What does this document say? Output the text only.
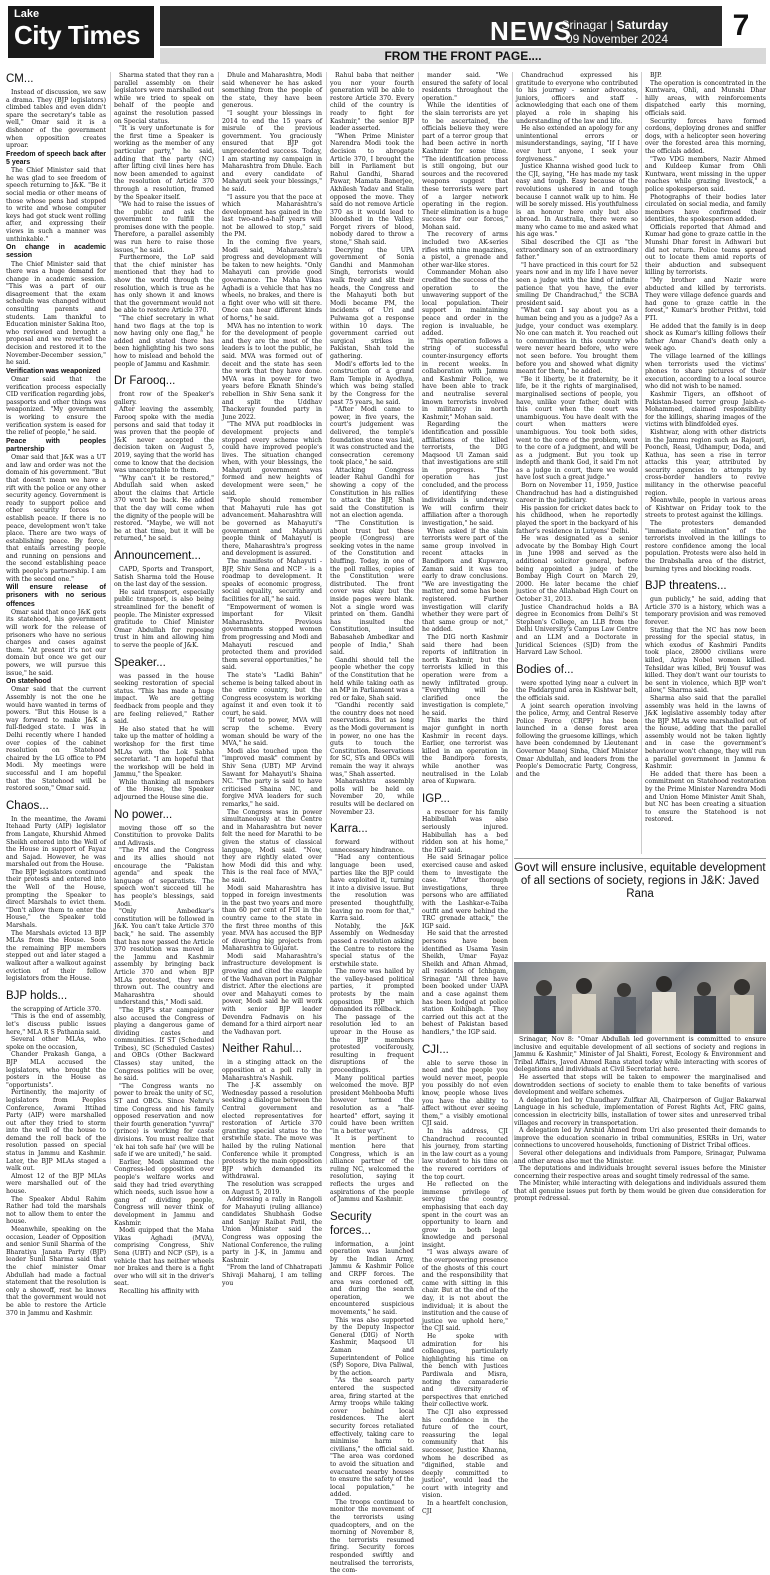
Lake
City Times	NEWS
Srinagar | Saturday
09 November 2024	7
FROM THE FRONT PAGE....
CM...

Instead of discussion, we saw a drama. They (BJP legislators) climbed tables and even didn't spare the secretary's table as well," Omar said it is a dishonor of the government when opposition creates uproar.

Freedom of speech back after 5 years

The Chief Minister said that he was glad to see freedom of speech returning to J&K. "Be it social media or other means of those whose pens had stopped to write and whose computer keys had got stuck went rolling after, and expressing their views in such a manner was unthinkable."

On change in academic session

The Chief Minister said that there was a huge demand for change in academic session. "This was a part of our disagreement that the exam schedule was changed without consulting parents and students. Lam thankful to Education minister Sakina Itoo, who reviewed and brought a proposal and we reverted the decision and restored it to the November-December session," he said.

Verification was weaponized

Omar said that the verification process especially CID verification regarding jobs, passports and other things was weaponized. "My government is working to ensure the verification system is eased for the relief of people," he said.

Peace with peoples partnership

Omar said that J&K was a UT and law and order was not the domain of his government. "But that doesn't mean we have a rift with the police or any other security agency. Government is ready to support police and other security forces to establish peace. If there is no peace, development won't take place. There are two ways of establishing peace. By force, that entails arresting people and running on pensions and the second establishing peace with people's partnership. I am with the second one."

Will ensure release of prisoners with no serious offences

Omar said that once J&K gets its statehood, his government will work for the release of prisoners who have no serious charges and cases against them. "At present it's not our domain but once we get our powers, we will pursue this issue," he said.

On statehood

Omar said that the current Assembly is not the one he would have wanted in terms of powers. "But this House is a way forward to make J&K a full-fledged state. I was in Delhi recently where I handed over copies of the cabinet resolution on Statehood chaired by the LG office to PM Modi. My meetings were successful and I am hopeful that the Statehood will be restored soon," Omar said.

Chaos...

In the meantime, the Awami Itehaad Party (AIP) legislator from Langate, Khurshid Ahmed Sheikh entered into the Well of the House in support of Fayaz and Sajad. However, he was marshaled out from the House.

The BJP legislators continued their protests and entered into the Well of the House, prompting the Speaker to direct Marshals to evict them. "Don't allow them to enter the House," the Speaker told Marshals.

The Marshals evicted 13 BJP MLAs from the House. Soon the remaining BJP members stepped out and later staged a walkout after a walkout against eviction of their fellow legislators from the House.

BJP holds...

the scrapping of Article 370.

"This is the end of assembly, let's discuss public issues here," MLA R S Pathania said.

Several other MLAs, who spoke on the occasion,

Chander Prakash Ganga, a BJP MLA accused the legislators, who brought the posters in the House as "opportunists".

Pertinently, the majority of legislators from Peoples Conference, Awami Ittihad Party (AIP) were marshalled out after they tried to storm into the well of the house to demand the roll back of the resolution passed on special status in Jammu and Kashmir. Later, the BJP MLAs staged a walk out.

Almost 12 of the BJP MLAs were marshalled out of the house.

The Speaker Abdul Rahim Rather had told the marshals not to allow them to enter the house.

Meanwhile, speaking on the occasion, Leader of Opposition and senior Sunil Sharma of the Bharatiya Janata Party (BJP) leader Sunil Sharma said that the chief minister Omar Abdullah had made a factual statement that the resolution is only a showoff, rest he knows that the government would not be able to restore the Article 370 in Jammu and Kashmir.

Sharma stated that they ran a parallel assembly on their legislators were marshalled out while we tried to speak on behalf of the people and against the resolution passed on Special status.

"It is very unfortunate is for the first time a Speaker is working as the member of any particular party," he said, adding that the party (NC) after lifting civil lines here has now been amended to against the resolution of Article 370 through a resolution, framed by the Speaker itself.

"We had to raise the issues of the public and ask the government to fulfill the promises done with the people. Therefore, a parallel assembly was run here to raise those issues," he said.

Furthermore, the LoP said that the chief minister has mentioned that they had to show the world through the resolution, which is true as he has only shown it and knows that the government would not be able to restore Article 370.

"The chief secretary in what hand two flags at the top is now having only one flag," he added and stated there has been highlighting his two sons how to mislead and behold the people of Jammu and Kashmir.

Dr Farooq...

front row of the Speaker's gallery.

After leaving the assembly, Farooq spoke with the media persons and said that today it was proven that the people of J&K never accepted the decision taken on August 5, 2019, saying that the world has come to know that the decision was unacceptable to them.

"Why can't it be restored," Abdullah said when asked about the claims that Article 370 won't be back. He added that the day will come when the dignity of the people will be restored. "Maybe, we will not be at that time, but it will be returned," he said.

Announcement...

CAPD, Sports and Transport, Satish Sharma told the House on the last day of the session.

He said transport, especially public transport, is also being streamlined for the benefit of people. The Minister expressed gratitude to Chief Minister Omar Abdullah for reposing trust in him and allowing him to serve the people of J&K.

Speaker...

was passed in the house seeking restoration of special status. "This has made a huge impact. We are getting feedback from people and they are feeling relieved," Rather said.

He also stated that he will take up the matter of holding a workshop for the first time MLAs with the Lok Sabha secretariat. "I am hopeful that the workshop will be held in Jammu," the Speaker.

While thanking all members of the House, the Speaker adjourned the House sine die.

No power...

moving those off so the Constitution to provoke Dalits and Adivasis.

"The PM and the Congress and its allies should not encourage the "Pakistan agenda" and speak the language of separatists. The speech won't succeed till he has people's blessings, said Modi.

"Only Ambedkar's constitution will be followed in J&K. You can't take Article 370 back," he said. The assembly that has now passed the Article 370 resolution was moved in the Jammu and Kashmir assembly by bringing back Article 370 and when BJP MLAs protested, they were thrown out. The country and Maharashtra should understand this," Modi said.

"The BJP's star campaigner also accused the Congress of playing a dangerous game of dividing castes and communities. If ST (Scheduled Tribes), SC (Scheduled Castes) and OBCs (Other Backward Classes) stay united, the Congress politics will be over, he said.

"The Congress wants no power to break the unity of SC, ST and OBCs. Since Nehru's time Congress and his family opposed reservation and now their fourth generation "yuvraj" (prince) is working for caste divisions. You must realize that 'ek hai toh safe hai' (we will be safe if we are united)," he said.

Earlier, Modi slammed the Congress-led opposition over people's welfare works and said they had tried everything which needs, such issue how a gang of dividing people, Congress will never think of development in Jammu and Kashmir.

Modi quipped that the Maha Vikas Aghadi (MVA), comprising Congress, Shiv Sena (UBT) and NCP (SP), is a vehicle that has neither wheels nor brakes and there is a fight over who will sit in the driver's seat.

Recalling his affinity with

Dhule and Maharashtra, Modi said whenever he has asked something from the people of the state, they have been generous.

"I sought your blessings in 2014 to end the 15 years of misrule of the previous government. You graciously ensured that BJP got unprecedented success. Today, I am starting my campaign in Maharashtra from Dhule. Each and every candidate of Mahayuti seek your blessings," he said.

"I assure you that the pace at which Maharashtra's development has gained in the last two-and-a-half years will not be allowed to stop," said the PM.

In the coming five years, Modi said, Maharashtra's progress and development will be taken to new heights. "Only Mahayuti can provide good governance. The Maha Vikas Aghadi is a vehicle that has no wheels, no brakes, and there is a fight over who will sit there. Once can hear different kinds of horns," he said.

MVA has no intention to work for the development of people and they are the most of the leaders is to loot the public, he said. MVA was formed out of deceit and the state has seen the work that they have done. MVA was in power for two years before Eknath Shinde's rebellion in Shiv Sena sank it and split the Uddhav Thackeray founded party in June 2022.

"The MVA put roadblocks in development projects and stopped every scheme which could have improved people's lives. The situation changed when, with your blessings, the Mahayuti government was formed and new heights of development were seen," he said.

"People should remember that Mahayuti rule has got advancement. Maharashtra will be governed as Mahayuti's government and Mahayuti people think of Mahayuti is there, Maharashtra's progress and development is assured.

The manifesto of Mahayuti - BJP, Shiv Sena and NCP - is a roadmap to development. It speaks of economic progress, social equality, security and facilities for all," he said.

"Empowerment of women is important for Viksit Maharashtra. Previous governments stopped women from progressing and Modi and Mahayuti rescued and protected them and provided them several opportunities," he said.

The state's "Ladki Bahin" scheme is being talked about in the entire country, but the Congress ecosystem is working against it and even took it to court, he said.

"If voted to power, MVA will scrap the scheme. Every woman should be wary of the MVA," he said.

Modi also touched upon the "improved mask" comment by Shiv Sena (UBT) MP Arvind Sawant for Mahayuti's Shaina NC. "The party is said to have criticised Shaina NC, and forgive MVA leaders for such remarks," he said.

The Congress was in power simultaneously at the Centre and in Maharashtra but never felt the need for Marathi to be given the status of classical language, Modi said. "Now, they are rightly elated over how Modi did this and why. This is the real face of MVA," he said.

Modi said Maharashtra has topped in foreign investments in the past two years and more than 60 per cent of FDI in the country came to the state in the first three months of this year. MVA has accused the BJP of diverting big projects from Maharashtra to Gujarat.

Modi said Maharashtra's infrastructure development is growing and cited the example of the Vadhavan port in Palghar district. After the elections are over and Mahayuti comes to power, Modi said he will work with senior BJP leader Devendra Fadnavis on his demand for a third airport near the Vadhavan port.

Neither Rahul...

in a stinging attack on the opposition at a poll rally in Maharashtra's Nashik.

The J-K assembly on Wednesday passed a resolution seeking a dialogue between the Central government and elected representatives for restoration of Article 370 granting special status to the erstwhile state. The move was hailed by the ruling National Conference while it prompted protests by the main opposition BJP which demanded its withdrawal.

The resolution was scrapped on August 5, 2019.

Addressing a rally in Rangoli for Mahayuti (ruling alliance) candidates Shubhash Godse and Sanjay Raibat Patil, the Union Minister said the Congress was opposing the National Conference, the ruling party in J-K, in Jammu and Kashmir.

"From the land of Chhatrapati Shivaji Maharaj, I am telling you

Rahul baba that neither you nor your fourth generation will be able to restore Article 370. Every child of the country is ready to fight for Kashmir," the senior BJP leader asserted.

"When Prime Minister Narendra Modi took the decision to abrogate Article 370, I brought the bill in Parliament but Rahul Gandhi, Sharad Pawar, Mamata Banerjee, Akhilesh Yadav and Stalin opposed the move. They said do not remove Article 370 as it would lead to bloodshed in the Valley. Forget rivers of blood, nobody dared to throw a stone," Shah said.

Decrying the UPA government of Sonia Gandhi and Manmohan Singh, terrorists would walk freely and slit their heads, the Congress and the Mahayuti both but Modi became PM, the incidents of Uri and Pulwama got a response within 10 days. The government carried out surgical strikes in Pakistan, Shah told the gathering.

Modi's efforts led to the construction of a grand Ram Temple in Ayodhya, which was being stalled by the Congress for the past 75 years, he said.

"After Modi came to power, in five years, the court's judgement was delivered, the temple's foundation stone was laid, it was constructed and the consecration ceremony took place," he said.

Attacking Congress leader Rahul Gandhi for showing a copy of the Constitution in his rallies to attack the BJP, Shah said the Constitution is not an election agenda.

"The Constitution is about trust but these people (Congress) are seeking votes in the name of the Constitution and bluffing. Today, in one of the poll rallies, copies of the Constitution were distributed. The front cover was okay but the inside pages were blank. Not a single word was printed on them. Gandhi has insulted the Constitution, insulted Babasaheb Ambedkar and people of India," Shah said.

Gandhi should tell the people whether the copy of the Constitution that he held while taking oath as an MP in Parliament was a red or fake, Shah said.

"Gandhi recently said the country does not need reservations. But as long as the Modi government is in power, no one has the guts to touch the Constitution. Reservations for SC, STs and OBCs will remain the way it always was," Shah asserted.

Maharashtra assembly polls will be held on November 20, while results will be declared on November 23.

Karra...

forward without unnecessary hindrance.

"Had any contentious language been used, parties like the BJP could have exploited it, turning it into a divisive issue. But the resolution was presented thoughtfully, leaving no room for that," Karra said.

Notably, the J&K Assembly on Wednesday passed a resolution asking the Centre to restore the special status of the erstwhile state.

The move was hailed by the valley-based political parties, it prompted protests by the main opposition BJP which demanded its rollback.

The passage of the resolution led to an uproar in the House as the BJP members protested vociferously, resulting in frequent disruptions of the proceedings.

Many political parties welcomed the move. BJP president Mehbooba Mufti however termed the resolution as a "half-hearted" effort, saying it could have been written "in a better way".

It is pertinent to mention here that Congress, which is an alliance partner of the ruling NC, welcomed the resolution, saying it reflects the urges and aspirations of the people of Jammu and Kashmir.

Security forces...

information, a joint operation was launched by the Indian Army, Jammu & Kashmir Police and CRPF forces. The area was cordoned off, and during the search operation, we encountered suspicious movements," he said.

This was also supported by the Deputy Inspector General (DIG) of North Kashmir, Maqsood Ul Zaman and Superintendent of Police (SP) Sopore, Diva Paliwal, by the action.

"As the search party entered the suspected area, firing started at the Army troops while taking cover behind local residences. The alert security forces retaliated effectively, taking care to minimise harm to civilians," the official said. "The area was cordoned to avoid the situation and evacuated nearby houses to ensure the safety of the local population," he added.

The troops continued to monitor the movement of the terrorists using quadcopters, and on the morning of November 8, the terrorists resumed firing. Security forces responded swiftly and neutralised the terrorists, the com-

mander said. "We ensured the safety of local residents throughout the operation."

While the identities of the slain terrorists are yet to be ascertained, the officials believe they were part of a terror group that had been active in north Kashmir for some time. "The identification process is still ongoing, but our sources and the recovered weapons suggest that these terrorists were part of a larger network operating in the region. Their elimination is a huge success for our forces," Mohan said.

The recovery of arms included two AK-series rifles with nine magazines, a pistol, a grenade and other war-like stores.

Commander Mohan also credited the success of the operation to the unwavering support of the local population. Their support in maintaining peace and order in the region is invaluable, he added.

"This operation follows a string of successful counter-insurgency efforts in recent weeks. In collaboration with Jammu and Kashmir Police, we have been able to track and neutralise several known terrorists involved in militancy in north Kashmir," Mohan said.

Regarding the identification and possible affiliations of the killed terrorists, the DIG Maqsood Ul Zaman said that investigations are still in progress. "The operation has just concluded, and the process of identifying these individuals is underway. We will confirm their affiliation after a thorough investigation," he said.

When asked if the slain terrorists were part of the same group involved in recent attacks in Bandipora and Kupwara, Zaman said it was too early to draw conclusions. "We are investigating the matter, and some has been registered. Further investigation will clarify whether they were part of that same group or not," he added.

The DIG north Kashmir said there had been reports of infiltration in north Kashmir, but the terrorists killed in this operation were from a newly infiltrated group. "Everything will be clarified once the investigation is complete," he said.

This marks the third major gunfight in north Kashmir in recent days. Earlier, one terrorist was killed in an operation in the Bandipora forests, while another was neutralised in the Lolab area of Kupwara.

IGP...

a rescuer for his family Habibullah was also seriously injured. Habibullah has a bed ridden son at his home," the IGP said.

He said Srinagar police exercised cause and asked them to investigate the case. "After thorough investigations, three persons who are affiliated with the Lashkar-e-Taiba outfit and were behind the TRC grenade attack," the IGP said.

He said that the arrested persons have been identified as Usama Yasin Sheikh, Umar Fayaz Sheikh and Afnan Ahmad, all residents of Ichhgam, Srinagar. "All three have been booked under UAPA and a case against them has been lodged at police station Koihibagh. They carried out this act at the behest of Pakistan based handlers," the IGP said.

CJI...

able to serve those in need and the people you would never meet, people you possibly do not even know, people whose lives you have the ability to affect without ever seeing them," a visibly emotional CJI said.

In his address, CJI Chandrachud recounted his journey, from starting in the law court as a young law student to his time on the revered corridors of the top court.

He reflected on the immense privilege of serving the country, emphasising that each day spent in the court was an opportunity to learn and grow in both legal knowledge and personal insight.

"I was always aware of the overpowering presence of the ghosts of this court and the responsibility that came with sitting in this chair. But at the end of the day, it is not about the individual; it is about the institution and the cause of justice we uphold here," the CJI said.

He spoke with admiration for his colleagues, particularly highlighting his time on the bench with Justices Pardiwala and Misra, noting the camaraderie and diversity of perspectives that enriched their collective work.

The CJI also expressed his confidence in the future of the court, reassuring the legal community that his successor, Justice Khanna, whom he described as "dignified, stable and deeply committed to justice", would lead the court with integrity and vision.

In a heartfelt conclusion, CJI

Chandrachud expressed his gratitude to everyone who contributed to his journey - senior advocates, juniors, officers and staff - acknowledging that each one of them played a role in shaping his understanding of the law and life.

He also extended an apology for any unintentional errors or misunderstandings, saying, "If I have ever hurt anyone, I seek your forgiveness."

Justice Khanna wished good luck to the CJI, saying, "He has made my task easy and tough. Easy because of the revolutions ushered in and tough because I cannot walk up to him. He will be sorely missed. His youthfulness is an honour here only but also abroad. In Australia, there were so many who came to me and asked what his age was."

Sibal described the CJI as "the extraordinary son of an extraordinary father."

"I have practiced in this court for 52 years now and in my life I have never seen a judge with the kind of infinite patience that you have, the ever smiling Dr Chandrachud," the SCBA president said.

"What can I say about you as a human being and you as a judge? As a judge, your conduct was exemplary. No one can match it. You reached out to communities in this country who were never heard before, who were not seen before. You brought them before you and showed what dignity meant for them," he added.

"Be it liberty, be it fraternity, be it life, be it the rights of marginalised, marginalised sections of people, you have, unlike your father, dealt with this court when the court was unambiguous. You have dealt with the court when matters were unambiguous. You took both sides, went to the core of the problem, went to the core of a judgment, and will be as a judgment. But you took up indepth and thank God, it said I'm not as a judge in court, there we would have lost such a great judge."

Born on November 11, 1959, Justice Chandrachud has had a distinguished career in the judiciary.

His passion for cricket dates back to his childhood, when he reportedly played the sport in the backyard of his father's residence in Lutyens' Delhi.

He was designated as a senior advocate by the Bombay High Court in June 1998 and served as the additional solicitor general, before being appointed a judge of the Bombay High Court on March 29, 2000. He later became the chief justice of the Allahabad High Court on October 31, 2013.

Justice Chandrachud holds a BA degree in Economics from Delhi's St Stephen's College, an LLB from the Delhi University's Campus Law Centre and an LLM and a Doctorate in Juridical Sciences (SJD) from the Harvard Law School.

Bodies of...

were spotted lying near a culvert in the Paddargund area in Kishtwar belt, the officials said.

A joint search operation involving the police, Army, and Central Reserve Police Force (CRPF) has been launched in a dense forest area following the gruesome killings, which have been condemned by Lieutenant Governor Manoj Sinha, Chief Minister Omar Abdullah, and leaders from the People's Democratic Party, Congress, and the

BJP.

The operation is concentrated in the Kuntwara, Ohli, and Munshi Dhar hilly areas, with reinforcements dispatched early this morning, officials said.

Security forces have formed cordons, deploying drones and sniffer dogs, with a helicopter seen hovering over the forested area this morning, the officials added.

"Two VDG members, Nazir Ahmed and Kuldeep Kumar from Ohli Kuntwara, went missing in the upper reaches while grazing livestock," a police spokesperson said.

Photographs of their bodies later circulated on social media, and family members have confirmed their identities, the spokesperson added.

Officials reported that Ahmad and Kumar had gone to graze cattle in the Munshi Dhar forest in Adhwari but did not return. Police teams spread out to locate them amid reports of their abduction and subsequent killing by terrorists.

"My brother and Nazir were abducted and killed by terrorists. They were village defence guards and had gone to graze cattle in the forest," Kumar's brother Prithvi, told PTI.

He added that the family is in deep shock as Kumar's killing follows their father Amar Chand's death only a week ago.

The village learned of the killings when terrorists used the victims' phones to share pictures of their execution, according to a local source who did not wish to be named.

Kashmir Tigers, an offshoot of Pakistan-based terror group Jaish-e-Mohammed, claimed responsibility for the killings, sharing images of the victims with blindfolded eyes.

Kishtwar, along with other districts in the Jammu region such as Rajouri, Poonch, Reasi, Udhampur, Doda, and Kathua, has seen a rise in terror attacks this year, attributed by security agencies to attempts by cross-border handlers to revive militancy in the otherwise peaceful region.

Meanwhile, people in various areas of Kishtwar on Friday took to the streets to protest against the killings.

The protesters demanded "immediate elimination" of the terrorists involved in the killings to restore confidence among the local population. Protests were also held in the Drabshalla area of the district, burning tyres and blocking roads.

BJP threatens...

gun publicly," he said, adding that Article 370 is a history, which was a temporary provision and was removed forever.

Stating that the NC has now been pressing for the special status, in which exodus of Kashmiri Pandits took place, 28000 civilians were killed, Aziya Nobel women killed. Tehsildar was killed, Brij Yousuf was killed. They don't want our tourists to be sent in violence, which BJP won't allow," Sharma said.

Sharma also said that the parallel assembly was held in the lawns of J&K legislative assembly today after the BJP MLAs were marshalled out of the house, adding that the parallel assembly would not be taken lightly and in case the government's behaviour won't change, they will run a parallel government in Jammu & Kashmir.

He added that there has been a commitment on Statehood restoration by the Prime Minister Narendra Modi and Union Home Minister Amit Shah, but NC has been creating a situation to ensure the Statehood is not restored.

Govt will ensure inclusive, equitable development of all sections of society, regions in J&K: Javed Rana

Srinagar, Nov 8: "Omar Abdullah led government is committed to ensure inclusive and equitable development of all sections of society and regions in Jammu & Kashmir," Minister of Jal Shakti, Forest, Ecology & Environment and Tribal Affairs, Javed Ahmed Rana stated today while interacting with scores of delegations and individuals at Civil Secretariat here.

He asserted that steps will be taken to empower the marginalised and downtrodden sections of society to enable them to take benefits of various development and welfare schemes.

A delegation led by Chaudhary Zulfkar Ali, Chairperson of Gujjar Bakarwal Language in his schedule, implementation of Forest Rights Act, FRC gains, concession in electricity bills, installation of tower sites and unreserved tribal villages and recovery in transportation.

A delegation led by Arshid Ahmed from Uri also presented their demands to improve the education scenario in tribal communities, ESRRs in Uri, water connections to uncovered households, functioning of District Tribal offices.

Several other delegations and individuals from Pampore, Srinagar, Pulwama and other areas also met the Minister.

The deputations and individuals brought several issues before the Minister concerning their respective areas and sought timely redressal of the same.

The Minister, while interacting with delegations and individuals assured them that all genuine issues put forth by them would be given due consideration for prompt redressal.
